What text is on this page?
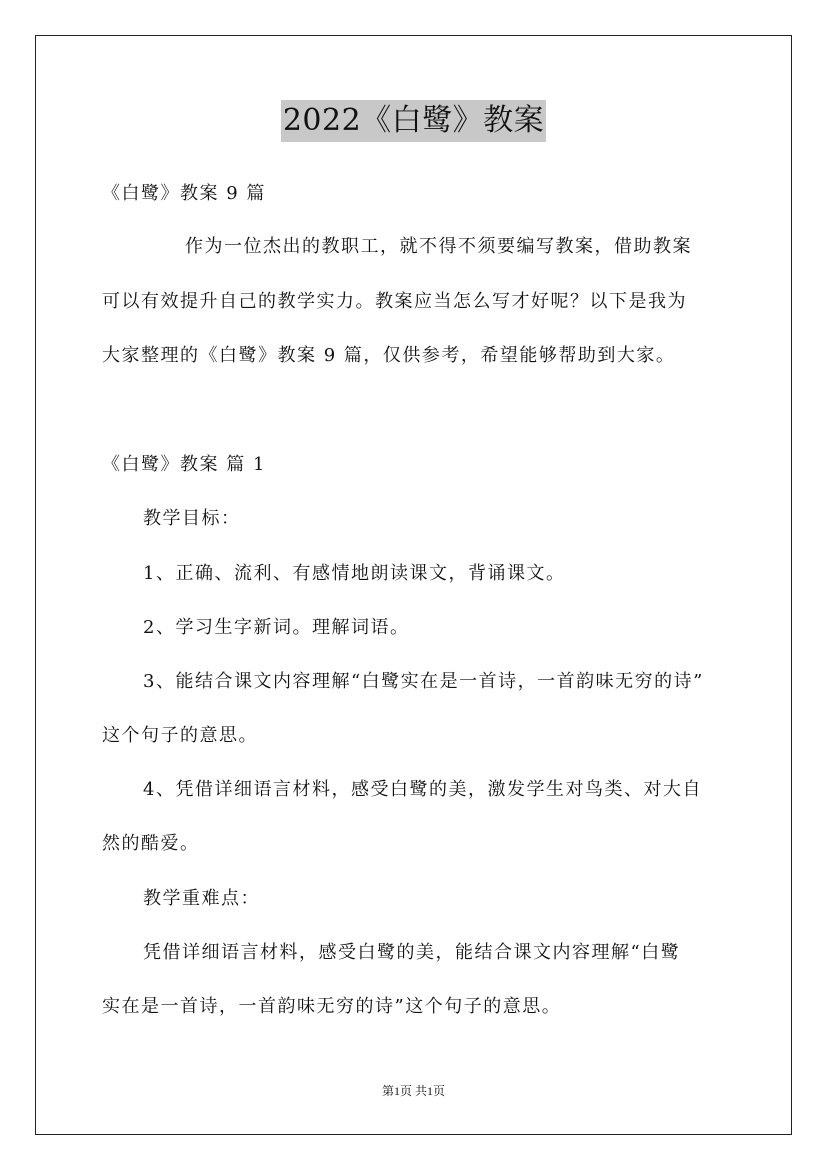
2022《白鹭》教案
《白鹭》教案 9 篇
作为一位杰出的教职工，就不得不须要编写教案，借助教案
可以有效提升自己的教学实力。教案应当怎么写才好呢？以下是我为
大家整理的《白鹭》教案 9 篇，仅供参考，希望能够帮助到大家。
《白鹭》教案 篇 1
教学目标：
1、正确、流利、有感情地朗读课文，背诵课文。
2、学习生字新词。理解词语。
3、能结合课文内容理解“白鹭实在是一首诗，一首韵味无穷的诗”
这个句子的意思。
4、凭借详细语言材料，感受白鹭的美，激发学生对鸟类、对大自
然的酷爱。
教学重难点：
凭借详细语言材料，感受白鹭的美，能结合课文内容理解“白鹭
实在是一首诗，一首韵味无穷的诗”这个句子的意思。
第1页 共1页
